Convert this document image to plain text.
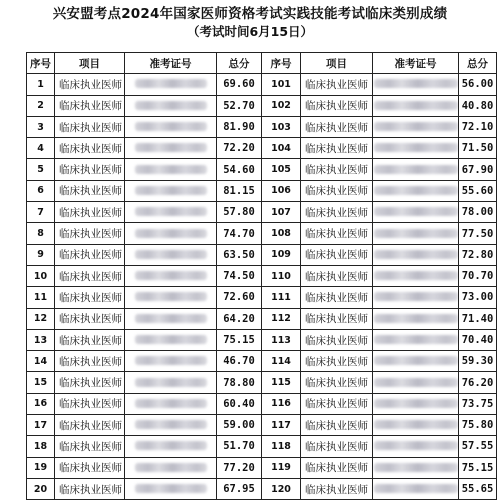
兴安盟考点2024年国家医师资格考试实践技能考试临床类别成绩
（考试时间6月15日）
序号	项目	准考证号	总分	序号	项目	准考证号	总分
1	临床执业医师		69.60	101	临床执业医师		56.00
2	临床执业医师		52.70	102	临床执业医师		40.80
3	临床执业医师		81.90	103	临床执业医师		72.10
4	临床执业医师		72.20	104	临床执业医师		71.50
5	临床执业医师		54.60	105	临床执业医师		67.90
6	临床执业医师		81.15	106	临床执业医师		55.60
7	临床执业医师		57.80	107	临床执业医师		78.00
8	临床执业医师		74.70	108	临床执业医师		77.50
9	临床执业医师		63.50	109	临床执业医师		72.80
10	临床执业医师		74.50	110	临床执业医师		70.70
11	临床执业医师		72.60	111	临床执业医师		73.00
12	临床执业医师		64.20	112	临床执业医师		71.40
13	临床执业医师		75.15	113	临床执业医师		70.40
14	临床执业医师		46.70	114	临床执业医师		59.30
15	临床执业医师		78.80	115	临床执业医师		76.20
16	临床执业医师		60.40	116	临床执业医师		73.75
17	临床执业医师		59.00	117	临床执业医师		75.80
18	临床执业医师		51.70	118	临床执业医师		57.55
19	临床执业医师		77.20	119	临床执业医师		75.15
20	临床执业医师		67.95	120	临床执业医师		55.65
